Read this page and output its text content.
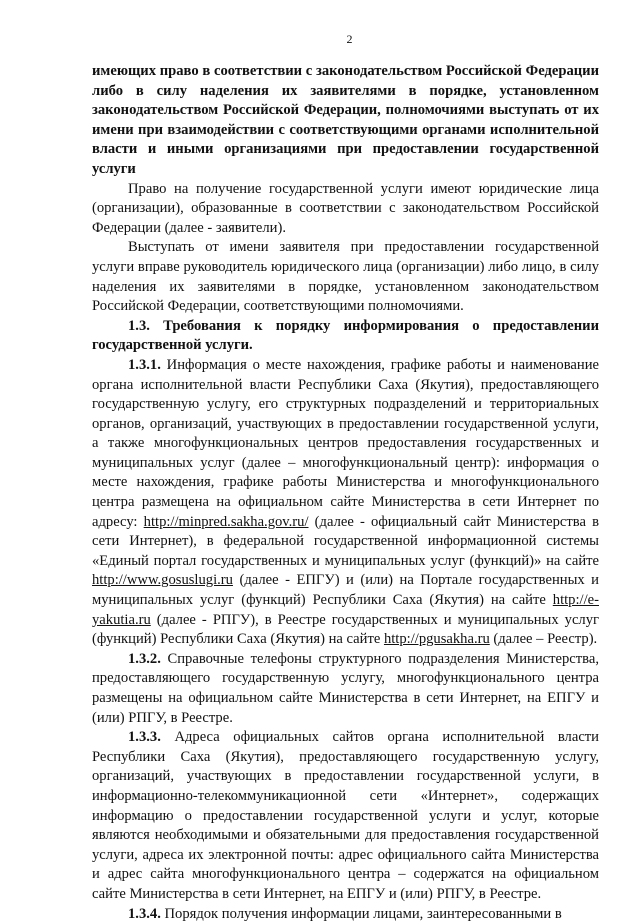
2

имеющих право в соответствии с законодательством Российской Федерации либо в силу наделения их заявителями в порядке, установленном законодательством Российской Федерации, полномочиями выступать от их имени при взаимодействии с соответствующими органами исполнительной власти и иными организациями при предоставлении государственной услуги

Право на получение государственной услуги имеют юридические лица (организации), образованные в соответствии с законодательством Российской Федерации (далее - заявители).

Выступать от имени заявителя при предоставлении государственной услуги вправе руководитель юридического лица (организации) либо лицо, в силу наделения их заявителями в порядке, установленном законодательством Российской Федерации, соответствующими полномочиями.

1.3. Требования к порядку информирования о предоставлении государственной услуги.

1.3.1. Информация о месте нахождения, графике работы и наименование органа исполнительной власти Республики Саха (Якутия), предоставляющего государственную услугу, его структурных подразделений и территориальных органов, организаций, участвующих в предоставлении государственной услуги, а также многофункциональных центров предоставления государственных и муниципальных услуг (далее – многофункциональный центр): информация о месте нахождения, графике работы Министерства и многофункционального центра размещена на официальном сайте Министерства в сети Интернет по адресу: http://minpred.sakha.gov.ru/ (далее - официальный сайт Министерства в сети Интернет), в федеральной государственной информационной системы «Единый портал государственных и муниципальных услуг (функций)» на сайте http://www.gosuslugi.ru (далее - ЕПГУ) и (или) на Портале государственных и муниципальных услуг (функций) Республики Саха (Якутия) на сайте http://e-yakutia.ru (далее - РПГУ), в Реестре государственных и муниципальных услуг (функций) Республики Саха (Якутия) на сайте http://pgusakha.ru (далее – Реестр).

1.3.2. Справочные телефоны структурного подразделения Министерства, предоставляющего государственную услугу, многофункционального центра размещены на официальном сайте Министерства в сети Интернет, на ЕПГУ и (или) РПГУ, в Реестре.

1.3.3. Адреса официальных сайтов органа исполнительной власти Республики Саха (Якутия), предоставляющего государственную услугу, организаций, участвующих в предоставлении государственной услуги, в информационно-телекоммуникационной сети «Интернет», содержащих информацию о предоставлении государственной услуги и услуг, которые являются необходимыми и обязательными для предоставления государственной услуги, адреса их электронной почты: адрес официального сайта Министерства и адрес сайта многофункционального центра – содержатся на официальном сайте Министерства в сети Интернет, на ЕПГУ и (или) РПГУ, в Реестре.

1.3.4. Порядок получения информации лицами, заинтересованными в
